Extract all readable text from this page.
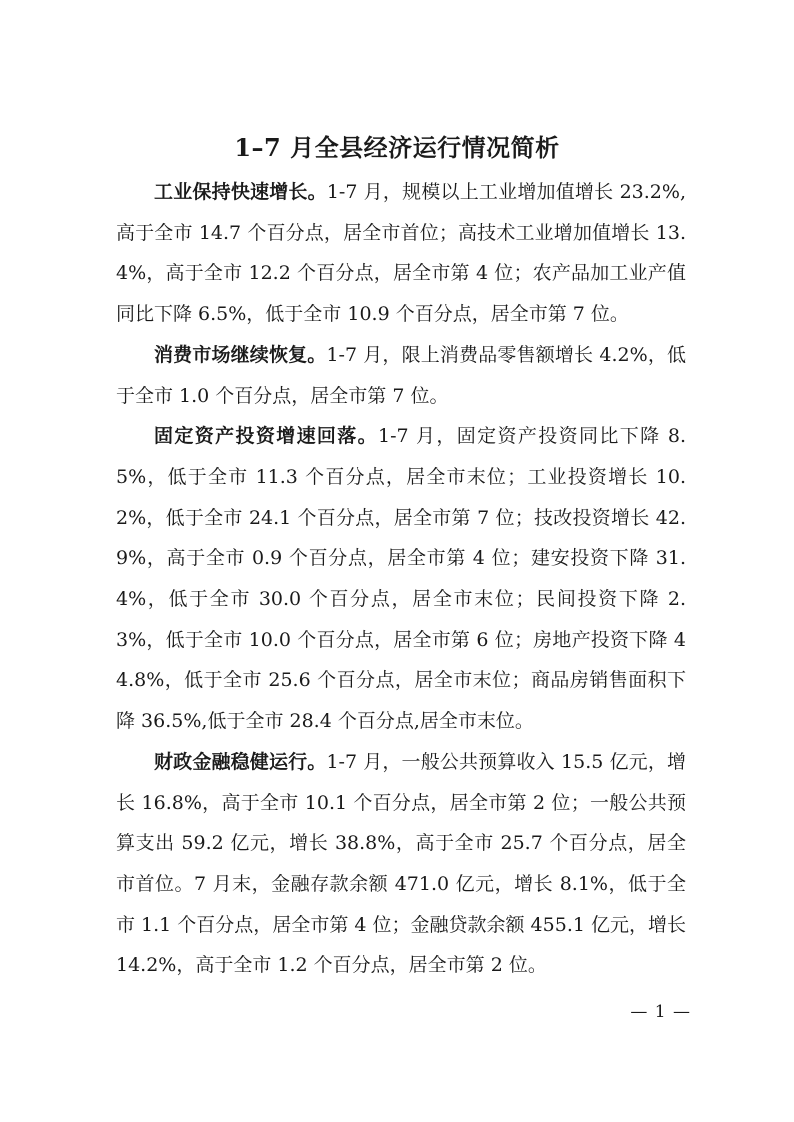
1–7 月全县经济运行情况简析

工业保持快速增长。1-7 月，规模以上工业增加值增长 23.2%,高于全市 14.7 个百分点，居全市首位；高技术工业增加值增长 13.4%，高于全市 12.2 个百分点，居全市第 4 位；农产品加工业产值同比下降 6.5%，低于全市 10.9 个百分点，居全市第 7 位。

消费市场继续恢复。1-7 月，限上消费品零售额增长 4.2%，低于全市 1.0 个百分点，居全市第 7 位。

固定资产投资增速回落。1-7 月，固定资产投资同比下降 8.5%，低于全市 11.3 个百分点，居全市末位；工业投资增长 10.2%，低于全市 24.1 个百分点，居全市第 7 位；技改投资增长 42.9%，高于全市 0.9 个百分点，居全市第 4 位；建安投资下降 31.4%，低于全市 30.0 个百分点，居全市末位；民间投资下降 2.3%，低于全市 10.0 个百分点，居全市第 6 位；房地产投资下降 44.8%，低于全市 25.6 个百分点，居全市末位；商品房销售面积下降 36.5%,低于全市 28.4 个百分点,居全市末位。

财政金融稳健运行。1-7 月，一般公共预算收入 15.5 亿元，增长 16.8%，高于全市 10.1 个百分点，居全市第 2 位；一般公共预算支出 59.2 亿元，增长 38.8%，高于全市 25.7 个百分点，居全市首位。7 月末，金融存款余额 471.0 亿元，增长 8.1%，低于全市 1.1 个百分点，居全市第 4 位；金融贷款余额 455.1 亿元，增长 14.2%，高于全市 1.2 个百分点，居全市第 2 位。

— 1 —
